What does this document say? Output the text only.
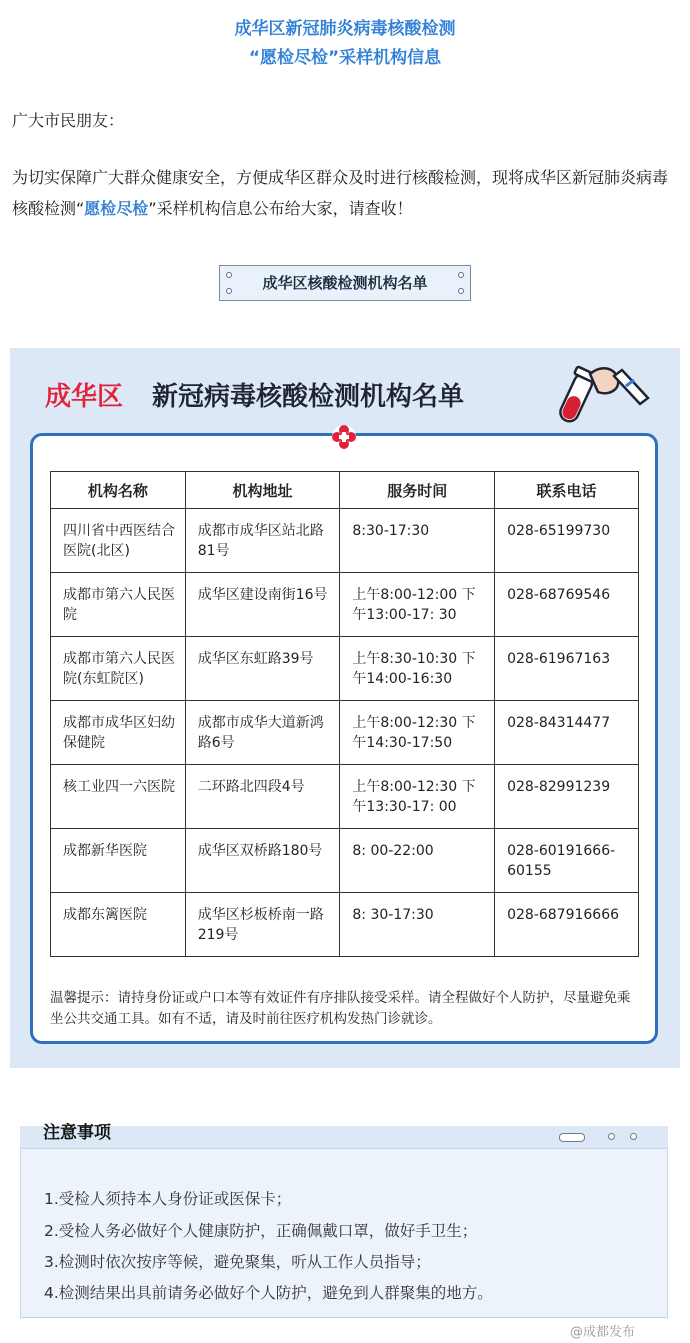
成华区新冠肺炎病毒核酸检测
“愿检尽检”采样机构信息
广大市民朋友：
为切实保障广大群众健康安全，方便成华区群众及时进行核酸检测，现将成华区新冠肺炎病毒核酸检测“愿检尽检”采样机构信息公布给大家，请查收！
成华区核酸检测机构名单
成华区 新冠病毒核酸检测机构名单
机构名称	机构地址	服务时间	联系电话
四川省中西医结合医院(北区)	成都市成华区站北路81号	8:30-17:30	028-65199730
成都市第六人民医院	成华区建设南街16号	上午8:00-12:00 下午13:00-17: 30	028-68769546
成都市第六人民医院(东虹院区)	成华区东虹路39号	上午8:30-10:30 下午14:00-16:30	028-61967163
成都市成华区妇幼保健院	成都市成华大道新鸿路6号	上午8:00-12:30 下午14:30-17:50	028-84314477
核工业四一六医院	二环路北四段4号	上午8:00-12:30 下午13:30-17: 00	028-82991239
成都新华医院	成华区双桥路180号	8: 00-22:00	028-60191666-60155
成都东篱医院	成华区杉板桥南一路219号	8: 30-17:30	028-687916666
温馨提示：请持身份证或户口本等有效证件有序排队接受采样。请全程做好个人防护，尽量避免乘坐公共交通工具。如有不适，请及时前往医疗机构发热门诊就诊。
注意事项
1.受检人须持本人身份证或医保卡；
2.受检人务必做好个人健康防护，正确佩戴口罩，做好手卫生；
3.检测时依次按序等候，避免聚集，听从工作人员指导；
4.检测结果出具前请务必做好个人防护，避免到人群聚集的地方。
@成都发布
